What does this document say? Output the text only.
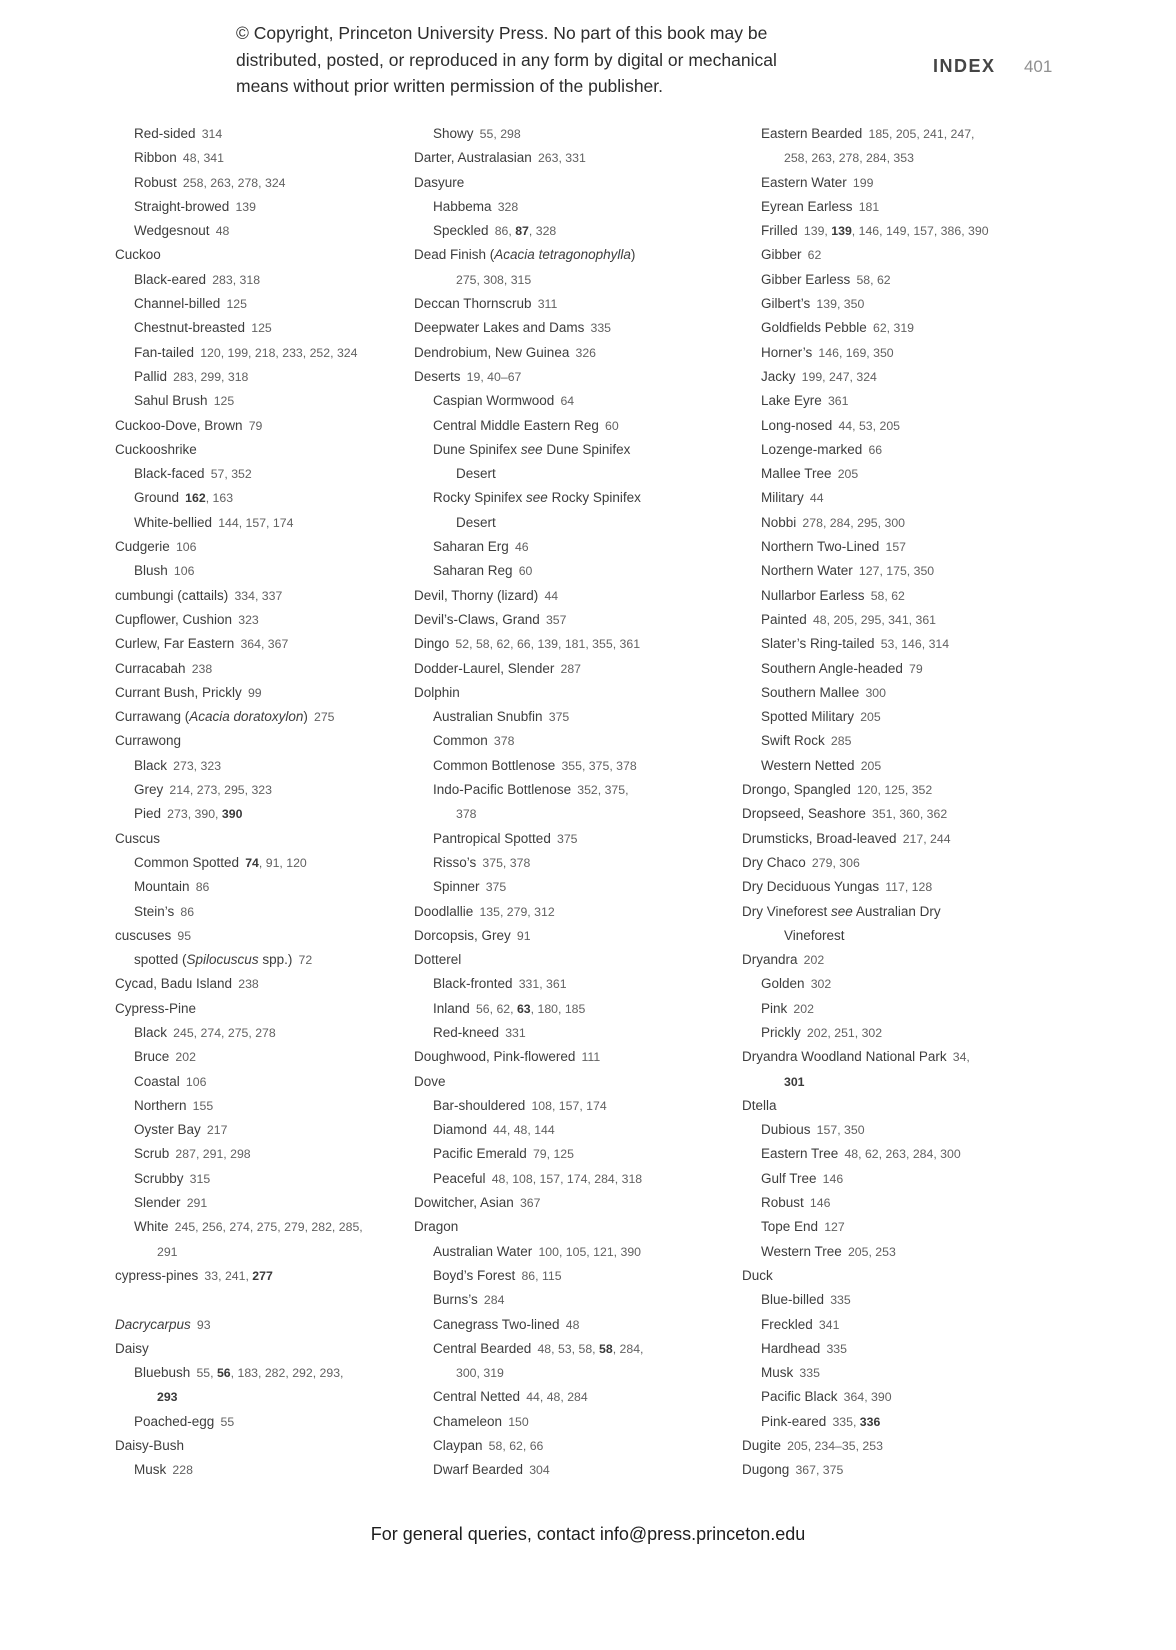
© Copyright, Princeton University Press. No part of this book may be
distributed, posted, or reproduced in any form by digital or mechanical
means without prior written permission of the publisher.
INDEX 401
Red-sided 314
Ribbon 48, 341
Robust 258, 263, 278, 324
Straight-browed 139
Wedgesnout 48
Cuckoo
Black-eared 283, 318
Channel-billed 125
Chestnut-breasted 125
Fan-tailed 120, 199, 218, 233, 252, 324
Pallid 283, 299, 318
Sahul Brush 125
Cuckoo-Dove, Brown 79
Cuckooshrike
Black-faced 57, 352
Ground 162, 163
White-bellied 144, 157, 174
Cudgerie 106
Blush 106
cumbungi (cattails) 334, 337
Cupflower, Cushion 323
Curlew, Far Eastern 364, 367
Curracabah 238
Currant Bush, Prickly 99
Currawang (Acacia doratoxylon) 275
Currawong
Black 273, 323
Grey 214, 273, 295, 323
Pied 273, 390, 390
Cuscus
Common Spotted 74, 91, 120
Mountain 86
Stein’s 86
cuscuses 95
spotted (Spilocuscus spp.) 72
Cycad, Badu Island 238
Cypress-Pine
Black 245, 274, 275, 278
Bruce 202
Coastal 106
Northern 155
Oyster Bay 217
Scrub 287, 291, 298
Scrubby 315
Slender 291
White 245, 256, 274, 275, 279, 282, 285,
291
cypress-pines 33, 241, 277
Dacrycarpus 93
Daisy
Bluebush 55, 56, 183, 282, 292, 293,
293
Poached-egg 55
Daisy-Bush
Musk 228
Showy 55, 298
Darter, Australasian 263, 331
Dasyure
Habbema 328
Speckled 86, 87, 328
Dead Finish (Acacia tetragonophylla)
275, 308, 315
Deccan Thornscrub 311
Deepwater Lakes and Dams 335
Dendrobium, New Guinea 326
Deserts 19, 40–67
Caspian Wormwood 64
Central Middle Eastern Reg 60
Dune Spinifex see Dune Spinifex
Desert
Rocky Spinifex see Rocky Spinifex
Desert
Saharan Erg 46
Saharan Reg 60
Devil, Thorny (lizard) 44
Devil’s-Claws, Grand 357
Dingo 52, 58, 62, 66, 139, 181, 355, 361
Dodder-Laurel, Slender 287
Dolphin
Australian Snubfin 375
Common 378
Common Bottlenose 355, 375, 378
Indo-Pacific Bottlenose 352, 375,
378
Pantropical Spotted 375
Risso’s 375, 378
Spinner 375
Doodlallie 135, 279, 312
Dorcopsis, Grey 91
Dotterel
Black-fronted 331, 361
Inland 56, 62, 63, 180, 185
Red-kneed 331
Doughwood, Pink-flowered 111
Dove
Bar-shouldered 108, 157, 174
Diamond 44, 48, 144
Pacific Emerald 79, 125
Peaceful 48, 108, 157, 174, 284, 318
Dowitcher, Asian 367
Dragon
Australian Water 100, 105, 121, 390
Boyd’s Forest 86, 115
Burns’s 284
Canegrass Two-lined 48
Central Bearded 48, 53, 58, 58, 284,
300, 319
Central Netted 44, 48, 284
Chameleon 150
Claypan 58, 62, 66
Dwarf Bearded 304
Eastern Bearded 185, 205, 241, 247,
258, 263, 278, 284, 353
Eastern Water 199
Eyrean Earless 181
Frilled 139, 139, 146, 149, 157, 386, 390
Gibber 62
Gibber Earless 58, 62
Gilbert’s 139, 350
Goldfields Pebble 62, 319
Horner’s 146, 169, 350
Jacky 199, 247, 324
Lake Eyre 361
Long-nosed 44, 53, 205
Lozenge-marked 66
Mallee Tree 205
Military 44
Nobbi 278, 284, 295, 300
Northern Two-Lined 157
Northern Water 127, 175, 350
Nullarbor Earless 58, 62
Painted 48, 205, 295, 341, 361
Slater’s Ring-tailed 53, 146, 314
Southern Angle-headed 79
Southern Mallee 300
Spotted Military 205
Swift Rock 285
Western Netted 205
Drongo, Spangled 120, 125, 352
Dropseed, Seashore 351, 360, 362
Drumsticks, Broad-leaved 217, 244
Dry Chaco 279, 306
Dry Deciduous Yungas 117, 128
Dry Vineforest see Australian Dry
Vineforest
Dryandra 202
Golden 302
Pink 202
Prickly 202, 251, 302
Dryandra Woodland National Park 34,
301
Dtella
Dubious 157, 350
Eastern Tree 48, 62, 263, 284, 300
Gulf Tree 146
Robust 146
Tope End 127
Western Tree 205, 253
Duck
Blue-billed 335
Freckled 341
Hardhead 335
Musk 335
Pacific Black 364, 390
Pink-eared 335, 336
Dugite 205, 234–35, 253
Dugong 367, 375
For general queries, contact info@press.princeton.edu
